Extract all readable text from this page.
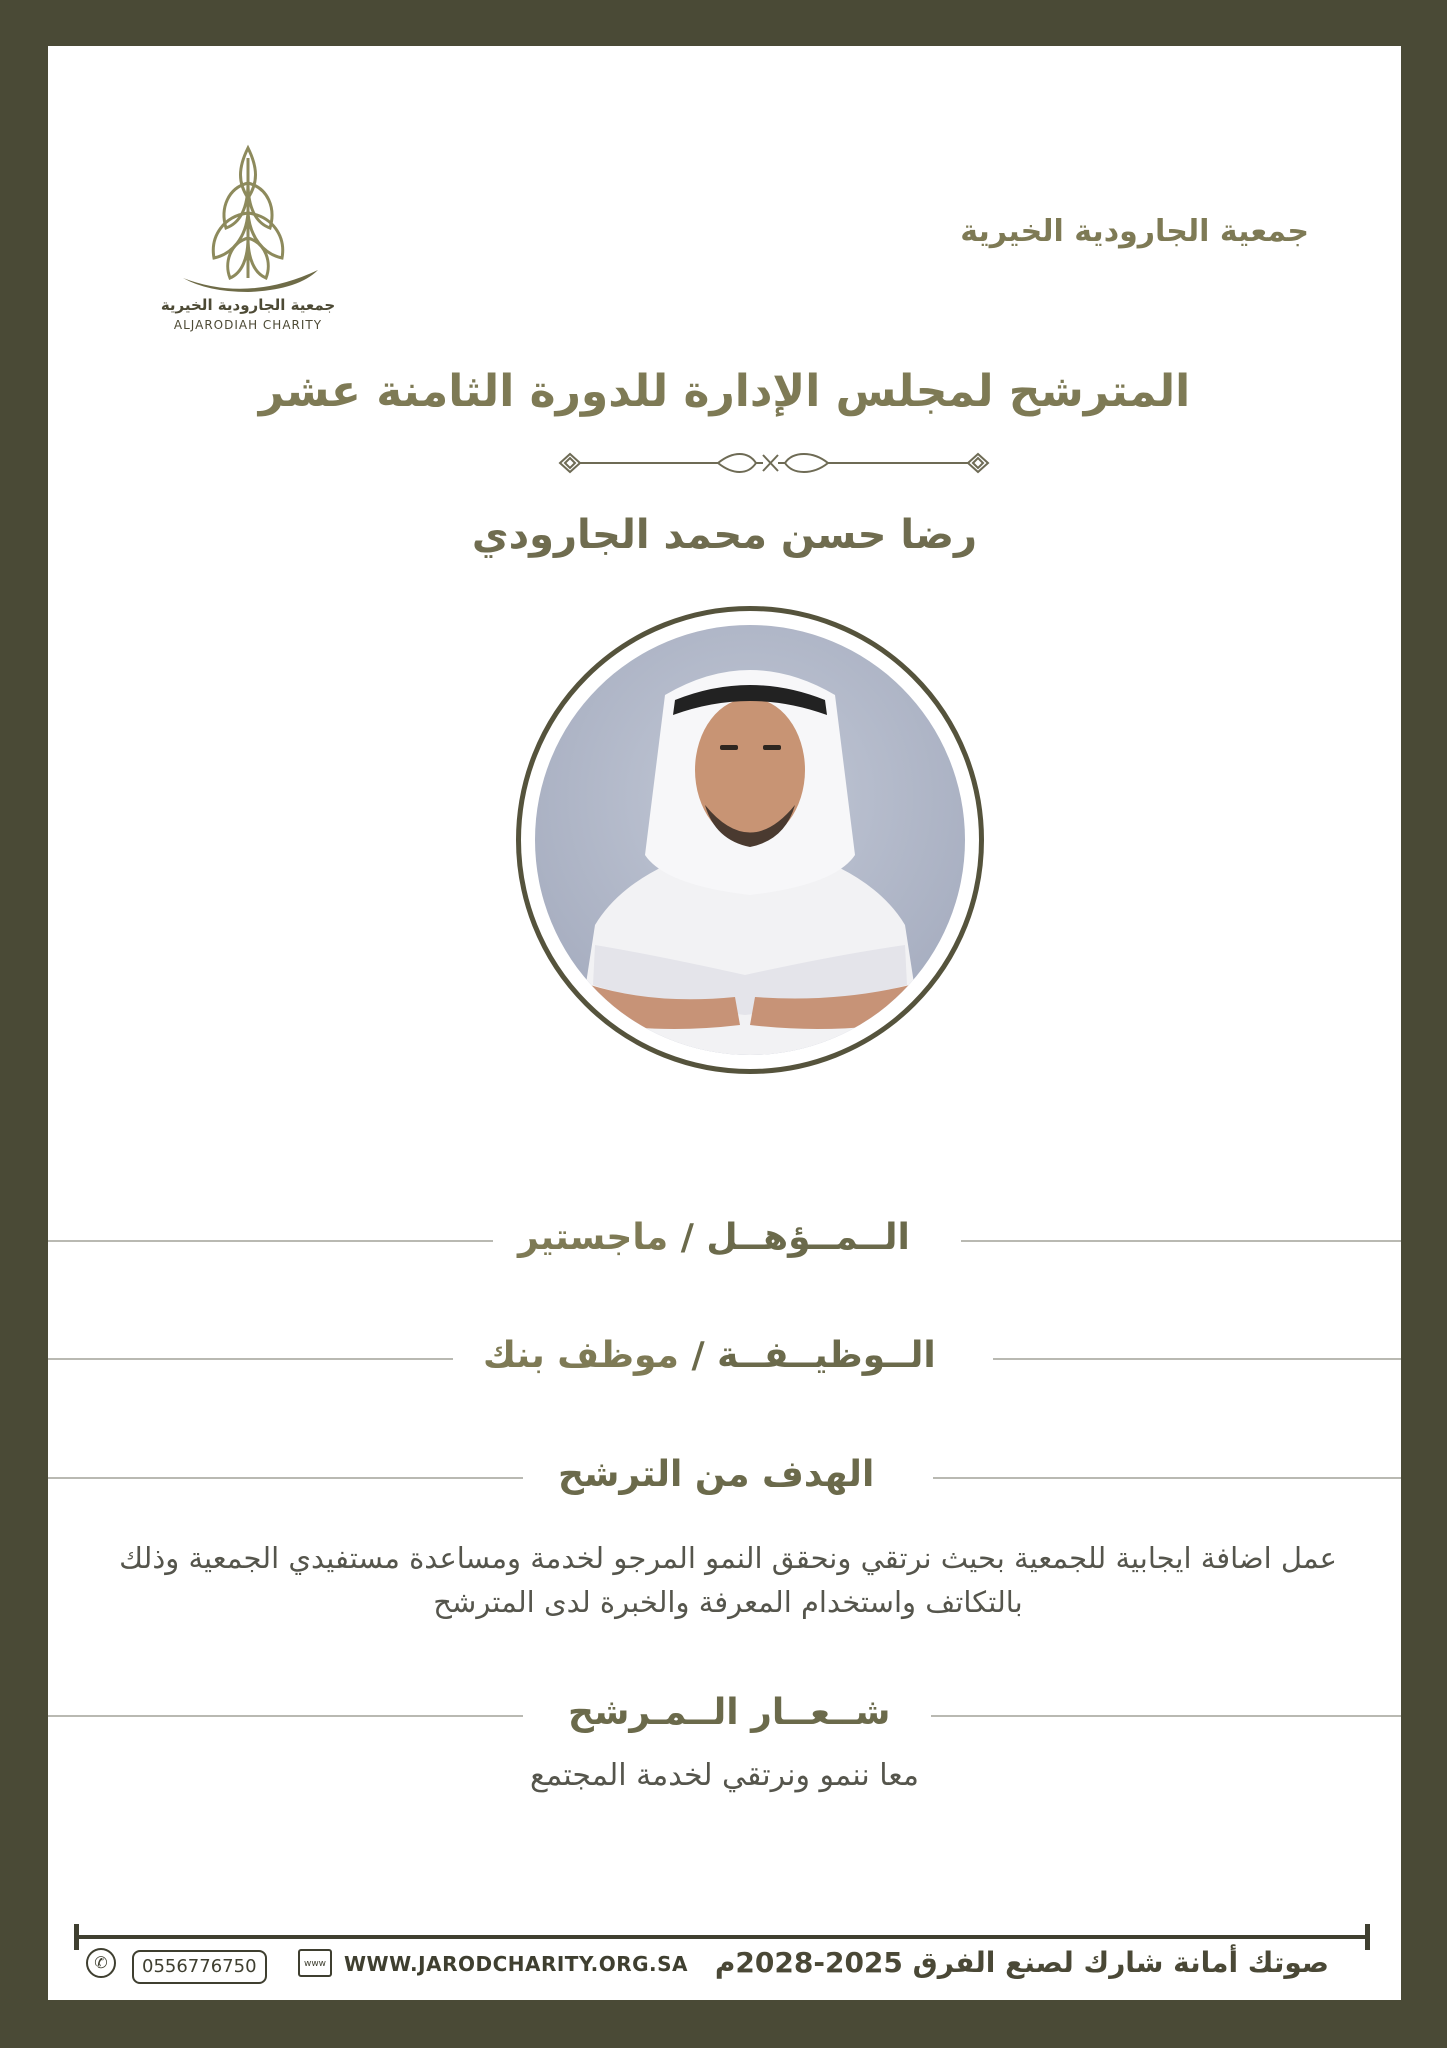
جمعية الجارودية الخيرية
ALJARODIAH CHARITY
جمعية الجارودية الخيرية
المترشح لمجلس الإدارة للدورة الثامنة عشر
رضا حسن محمد الجارودي
الــمــؤهــل / ماجستير
الــوظيــفــة / موظف بنك
الهدف من الترشح
عمل اضافة ايجابية للجمعية بحيث نرتقي ونحقق النمو المرجو لخدمة ومساعدة مستفيدي الجمعية وذلك بالتكاتف واستخدام المعرفة والخبرة لدى المترشح
شــعــار الــمـرشح
معا ننمو ونرتقي لخدمة المجتمع
✆	0556776750	www WWW.JARODCHARITY.ORG.SA صوتك أمانة شارك لصنع الفرق 2025-2028م
